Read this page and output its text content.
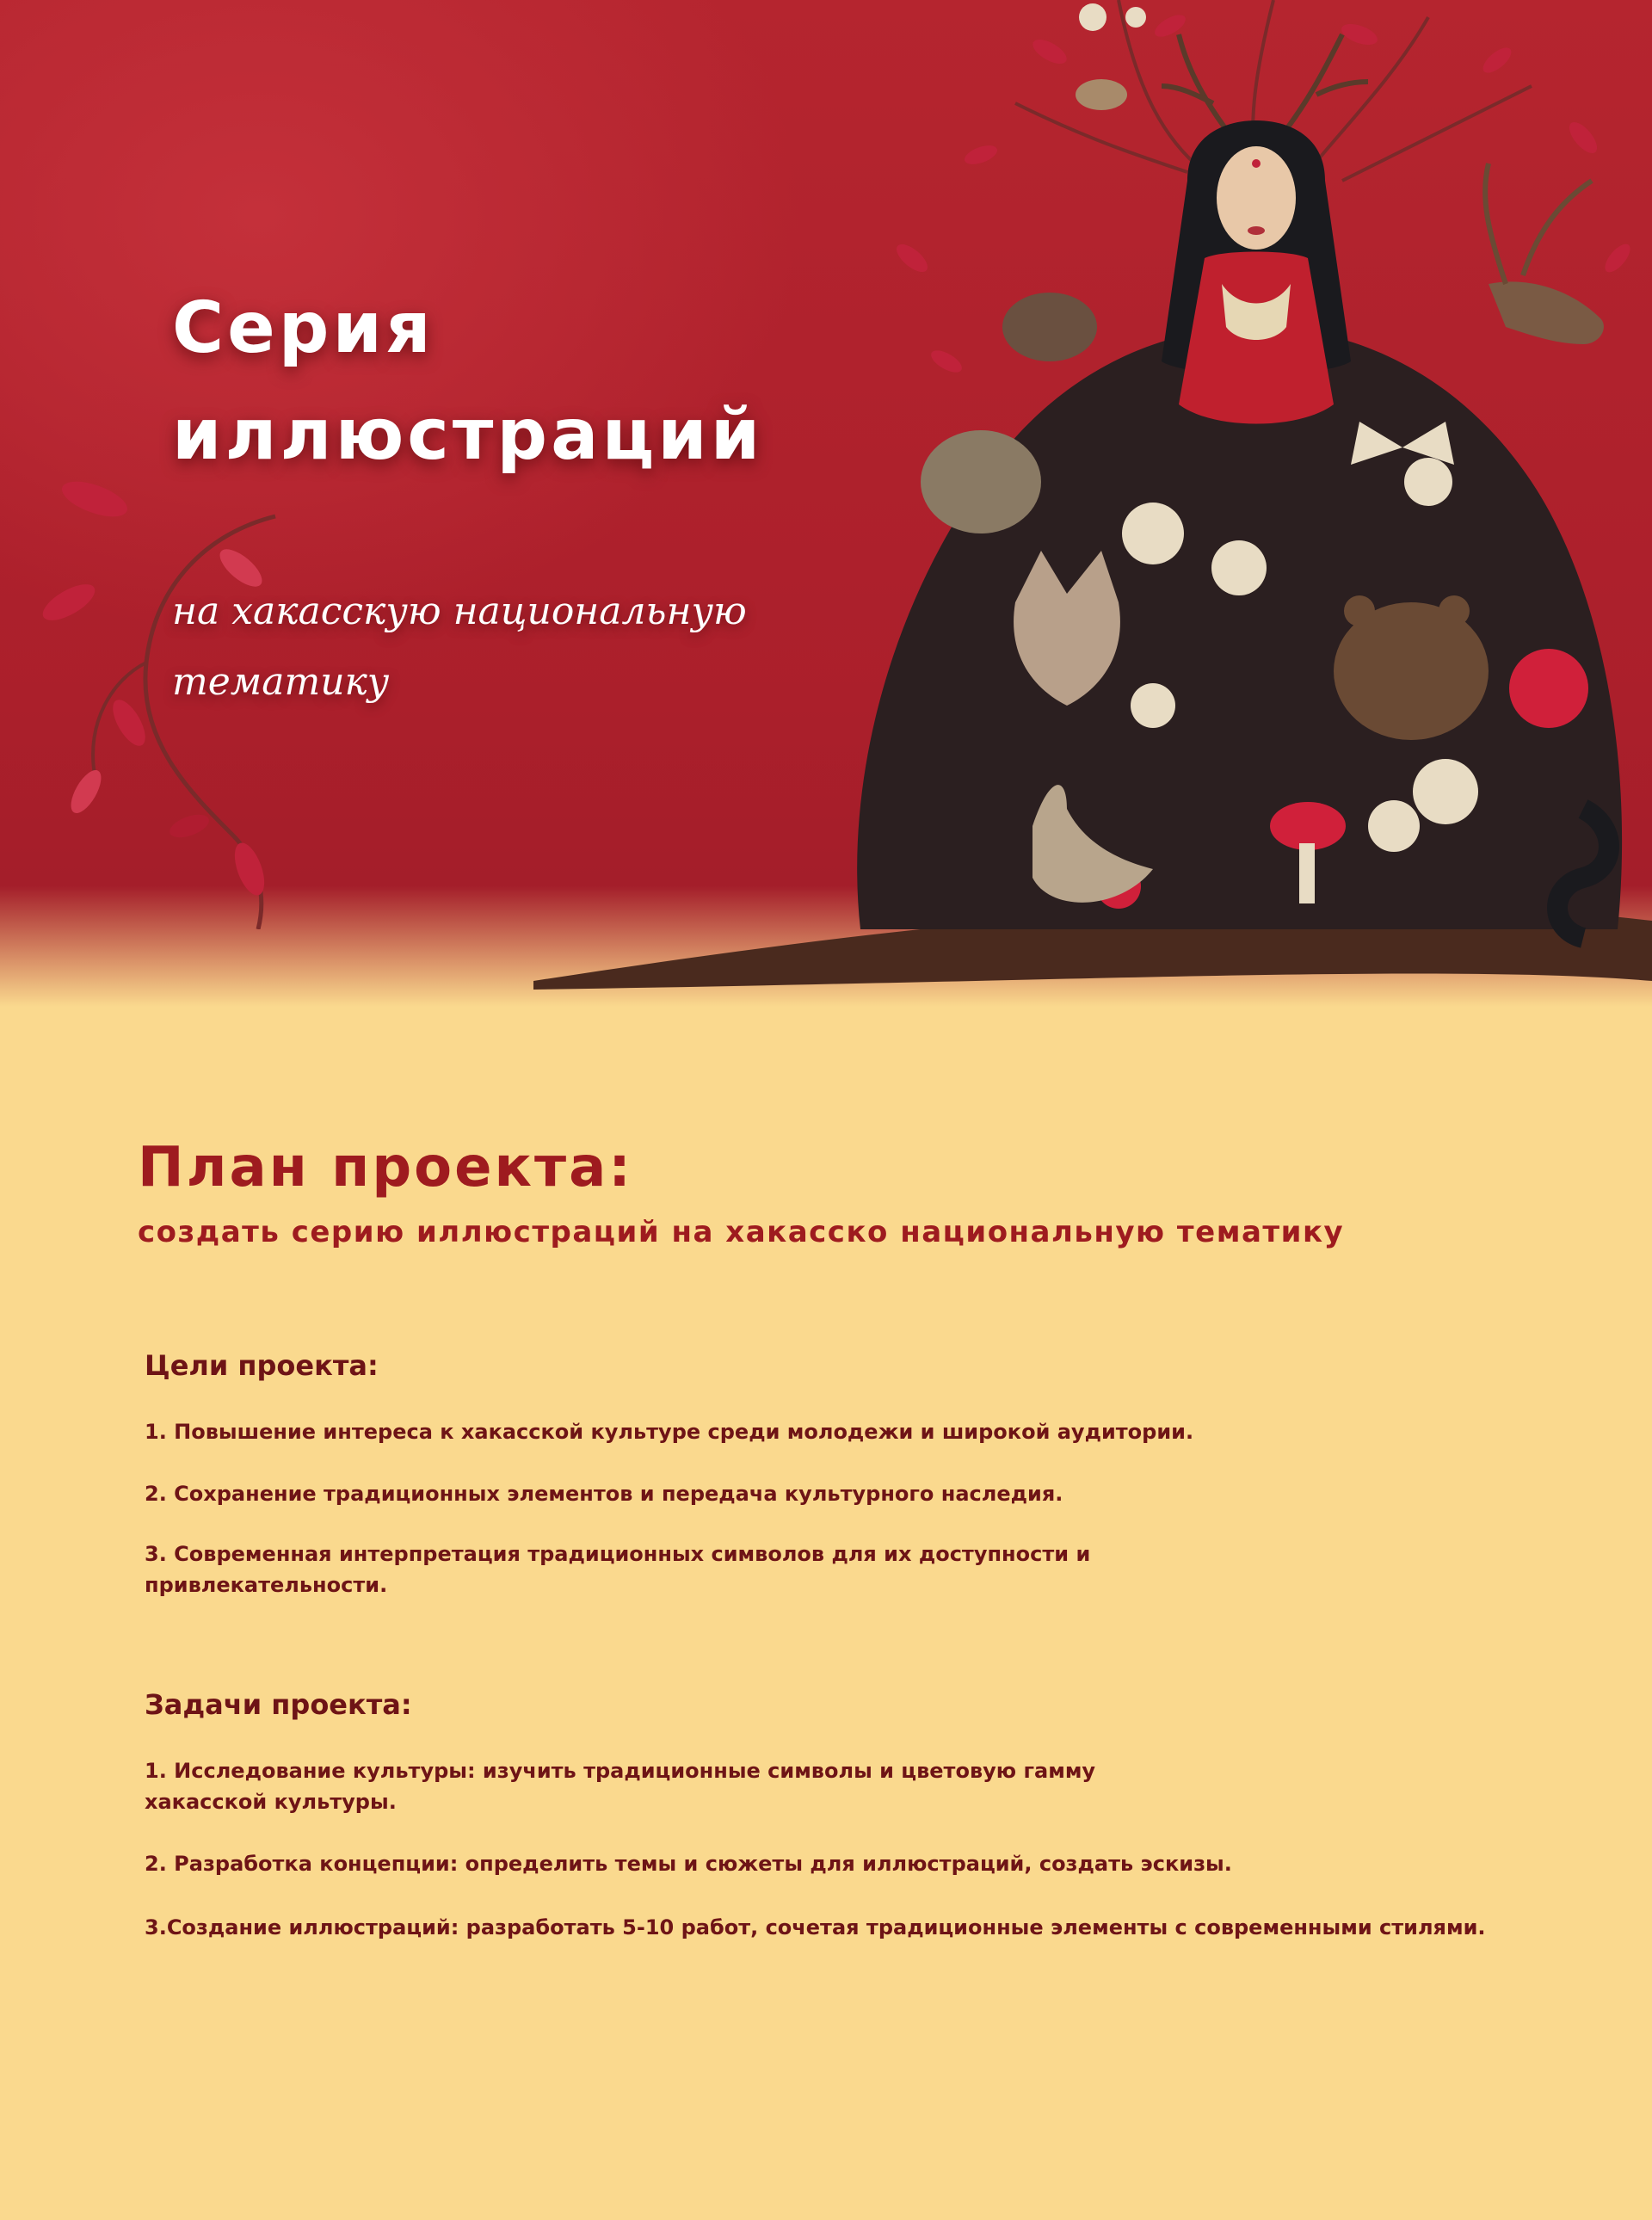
Серия
иллюстраций

на хакасскую национальную тематику

План проекта:

создать серию иллюстраций на хакасско национальную тематику

Цели проекта:

1. Повышение интереса к хакасской культуре среди молодежи и широкой аудитории.

2. Сохранение традиционных элементов и передача культурного наследия.

3. Современная интерпретация традиционных символов для их доступности и привлекательности.

Задачи проекта:

1. Исследование культуры: изучить традиционные символы и цветовую гамму хакасской культуры.

2. Разработка концепции: определить темы и сюжеты для иллюстраций, создать эскизы.

3.Создание иллюстраций: разработать 5-10 работ, сочетая традиционные элементы с современными стилями.
